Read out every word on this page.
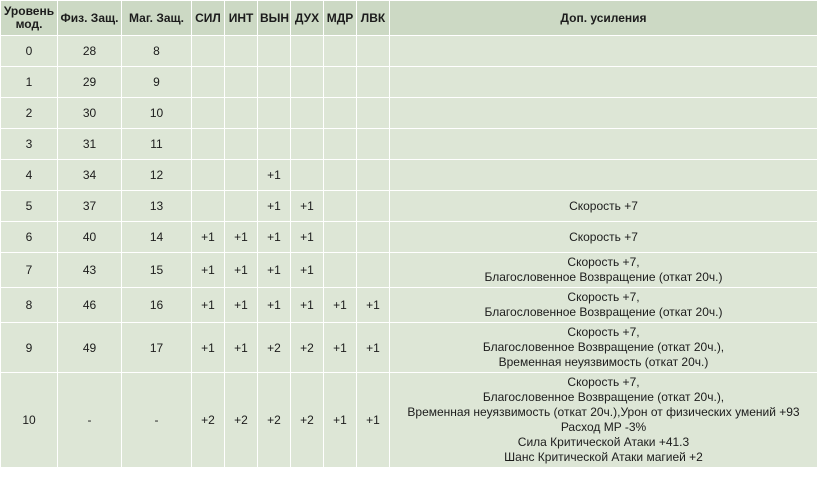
Уровень мод.	Физ. Защ.	Маг. Защ.	СИЛ	ИНТ	ВЫН	ДУХ	МДР	ЛВК	Доп. усиления
0	28	8							
1	29	9							
2	30	10							
3	31	11							
4	34	12			+1				
5	37	13			+1	+1			Скорость +7

6	40	14	+1	+1	+1	+1			Скорость +7

7	43	15	+1	+1	+1	+1			Скорость +7,
Благословенное Возвращение (откат 20ч.)

8	46	16	+1	+1	+1	+1	+1	+1	Скорость +7,
Благословенное Возвращение (откат 20ч.)

9	49	17	+1	+1	+2	+2	+1	+1	Скорость +7,
Благословенное Возвращение (откат 20ч.),
Временная неуязвимость (откат 20ч.)

10	-	-	+2	+2	+2	+2	+1	+1	
Скорость +7,
Благословенное Возвращение (откат 20ч.),
Временная неуязвимость (откат 20ч.),Урон от физических умений +93
Расход MP -3%
Сила Критической Атаки +41.3
Шанс Критической Атаки магией +2
